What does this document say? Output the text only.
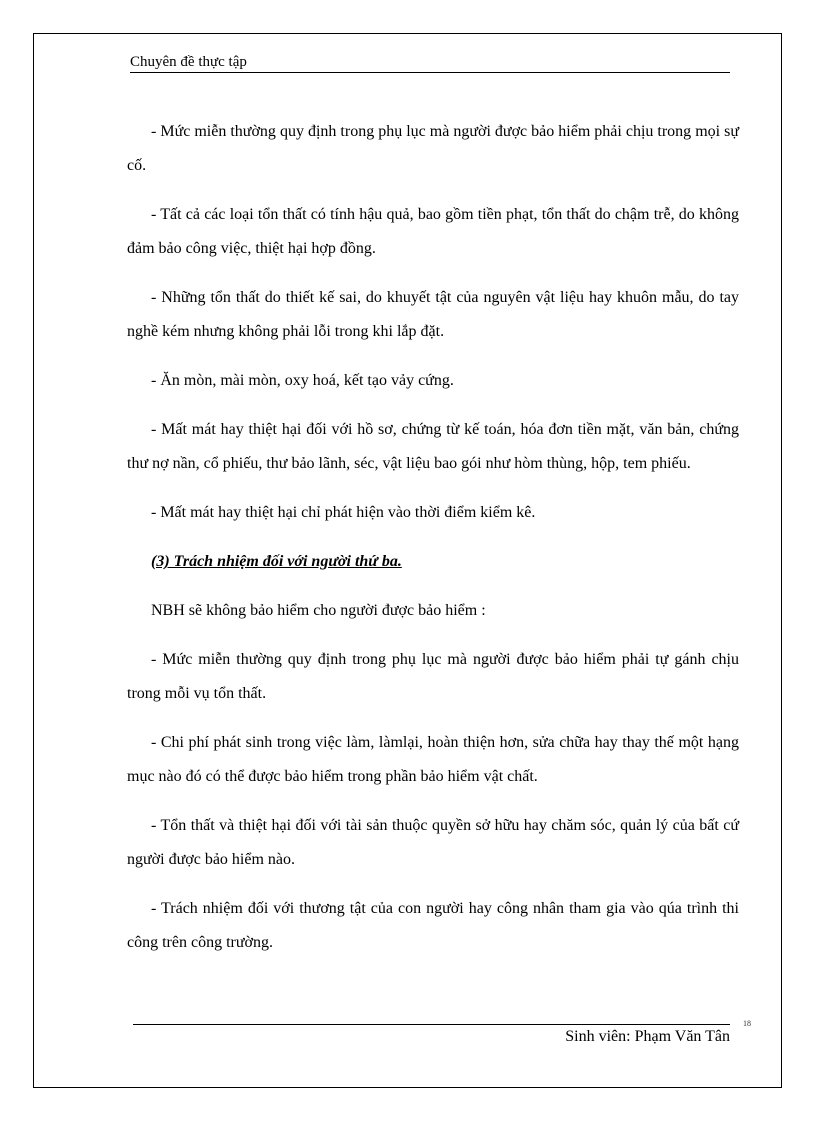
Chuyên đề thực tập

- Mức miễn thường quy định trong phụ lục mà người được bảo hiểm phải chịu trong mọi sự cố.

- Tất cả các loại tổn thất có tính hậu quả, bao gồm tiền phạt, tổn thất do chậm trễ, do không đảm bảo công việc, thiệt hại hợp đồng.

- Những tổn thất do thiết kế sai, do khuyết tật của nguyên vật liệu hay khuôn mẫu, do tay nghề kém nhưng không phải lỗi trong khi lắp đặt.

- Ăn mòn, mài mòn, oxy hoá, kết tạo vảy cứng.

- Mất mát hay thiệt hại đối với hồ sơ, chứng từ kế toán, hóa đơn tiền mặt, văn bản, chứng thư nợ nần, cổ phiếu, thư bảo lãnh, séc, vật liệu bao gói như hòm thùng, hộp, tem phiếu.

- Mất mát hay thiệt hại chỉ phát hiện vào thời điểm kiểm kê.

(3) Trách nhiệm đối với người thứ ba.

NBH sẽ không bảo hiểm cho người được bảo hiểm :

- Mức miễn thường quy định trong phụ lục mà người được bảo hiểm phải tự gánh chịu trong mỗi vụ tổn thất.

- Chi phí phát sinh trong việc làm, làmlại, hoàn thiện hơn, sửa chữa hay thay thế một hạng mục nào đó có thể được bảo hiểm trong phần bảo hiểm vật chất.

- Tổn thất và thiệt hại đối với tài sản thuộc quyền sở hữu hay chăm sóc, quản lý của bất cứ người được bảo hiểm nào.

- Trách nhiệm đối với thương tật của con người hay công nhân tham gia vào qúa trình thi công trên công trường.

18
Sinh viên: Phạm Văn Tân
